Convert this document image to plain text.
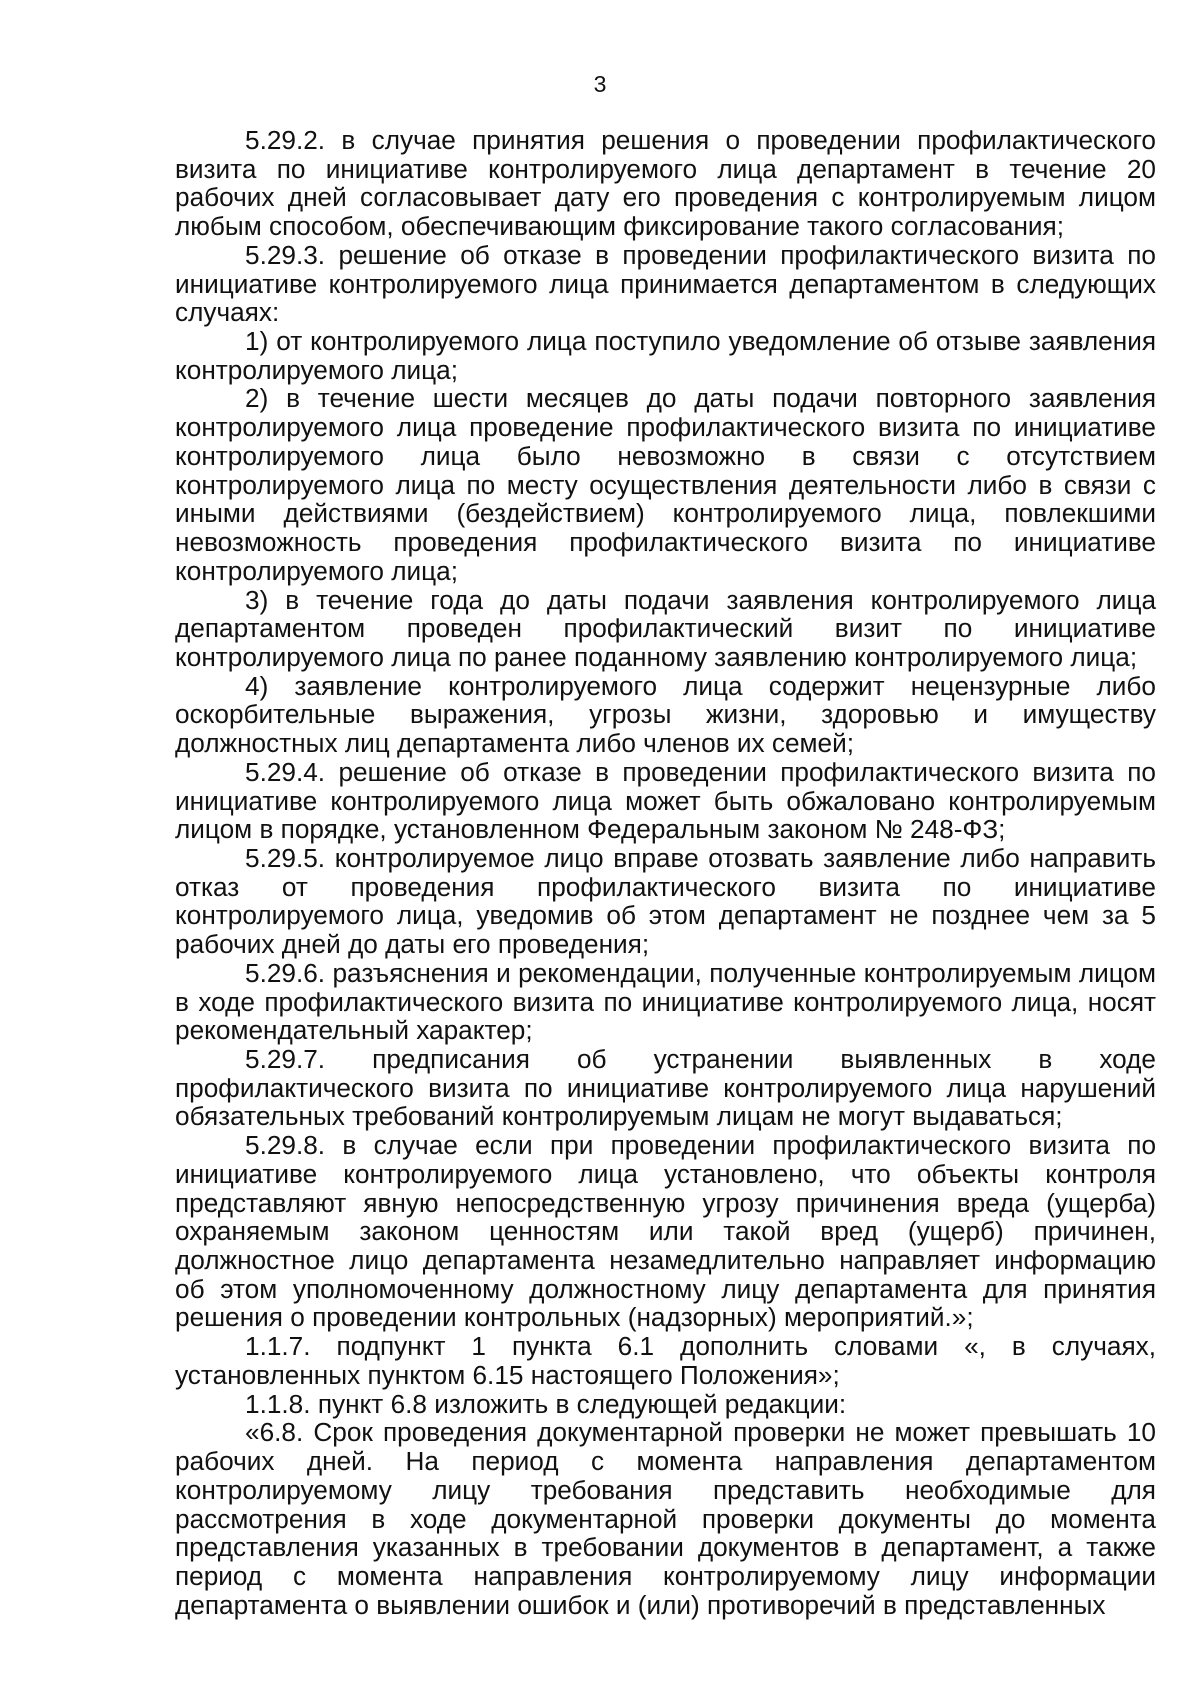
3

5.29.2. в случае принятия решения о проведении профилактического визита по инициативе контролируемого лица департамент в течение 20 рабочих дней согласовывает дату его проведения с контролируемым лицом любым способом, обеспечивающим фиксирование такого согласования;

5.29.3. решение об отказе в проведении профилактического визита по инициативе контролируемого лица принимается департаментом в следующих случаях:

1) от контролируемого лица поступило уведомление об отзыве заявления контролируемого лица;

2) в течение шести месяцев до даты подачи повторного заявления контролируемого лица проведение профилактического визита по инициативе контролируемого лица было невозможно в связи с отсутствием контролируемого лица по месту осуществления деятельности либо в связи с иными действиями (бездействием) контролируемого лица, повлекшими невозможность проведения профилактического визита по инициативе контролируемого лица;

3) в течение года до даты подачи заявления контролируемого лица департаментом проведен профилактический визит по инициативе контролируемого лица по ранее поданному заявлению контролируемого лица;

4) заявление контролируемого лица содержит нецензурные либо оскорбительные выражения, угрозы жизни, здоровью и имуществу должностных лиц департамента либо членов их семей;

5.29.4. решение об отказе в проведении профилактического визита по инициативе контролируемого лица может быть обжаловано контролируемым лицом в порядке, установленном Федеральным законом № 248-ФЗ;

5.29.5. контролируемое лицо вправе отозвать заявление либо направить отказ от проведения профилактического визита по инициативе контролируемого лица, уведомив об этом департамент не позднее чем за 5 рабочих дней до даты его проведения;

5.29.6. разъяснения и рекомендации, полученные контролируемым лицом в ходе профилактического визита по инициативе контролируемого лица, носят рекомендательный характер;

5.29.7. предписания об устранении выявленных в ходе профилактического визита по инициативе контролируемого лица нарушений обязательных требований контролируемым лицам не могут выдаваться;

5.29.8. в случае если при проведении профилактического визита по инициативе контролируемого лица установлено, что объекты контроля представляют явную непосредственную угрозу причинения вреда (ущерба) охраняемым законом ценностям или такой вред (ущерб) причинен, должностное лицо департамента незамедлительно направляет информацию об этом уполномоченному должностному лицу департамента для принятия решения о проведении контрольных (надзорных) мероприятий.»;

1.1.7. подпункт 1 пункта 6.1 дополнить словами «, в случаях, установленных пунктом 6.15 настоящего Положения»;

1.1.8. пункт 6.8 изложить в следующей редакции:

«6.8. Срок проведения документарной проверки не может превышать 10 рабочих дней. На период с момента направления департаментом контролируемому лицу требования представить необходимые для рассмотрения в ходе документарной проверки документы до момента представления указанных в требовании документов в департамент, а также период с момента направления контролируемому лицу информации департамента о выявлении ошибок и (или) противоречий в представленных
